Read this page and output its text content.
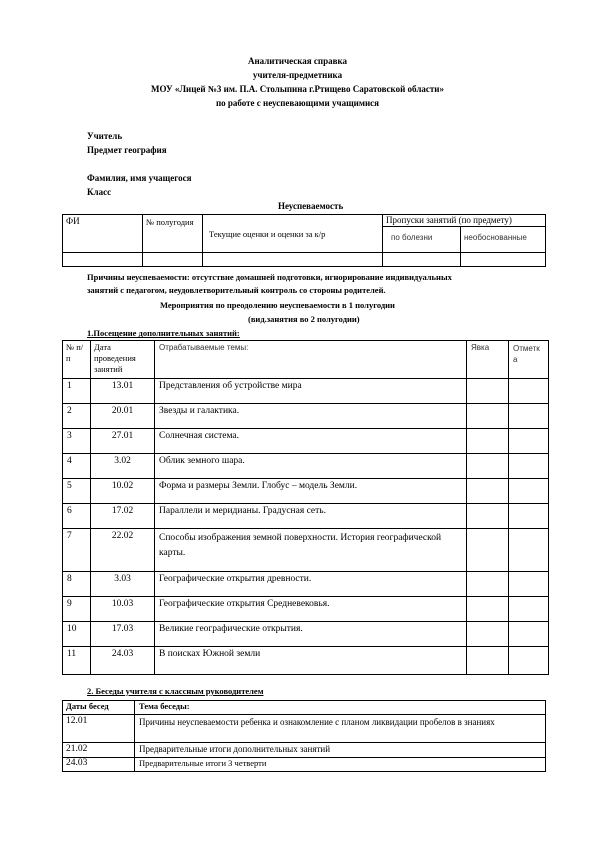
Аналитическая справка
учителя-предметника
МОУ «Лицей №3 им. П.А. Столыпина г.Ртищево Саратовской области»
по работе с неуспевающими учащимися
Учитель
Предмет география
Фамилия, имя учащегося
Класс
Неуспеваемость
ФИ	№ полугодия	Текущие оценки и оценки за к/р	Пропуски занятий (по предмету)	
			по болезни	необоснованные

Причины неуспеваемости: отсутствие домашней подготовки, игнорирование индивидуальных
занятий с педагогом, неудовлетворительный контроль со стороны родителей.
Мероприятия по преодолению неуспеваемости в 1 полугодии
(вид.занятия во 2 полугодии)
1.Посещение дополнительных занятий:
№ п/п	Дата проведения занятий	Отрабатываемые темы:	Явка	Отметка
1	13.01	Представления об устройстве мира		
2	20.01	Звезды и галактика.		
3	27.01	Солнечная система.		
4	3.02	Облик земного шара.		
5	10.02	Форма и размеры Земли. Глобус – модель Земли.		
6	17.02	Параллели и меридианы. Градусная сеть.		
7	22.02	Способы изображения земной поверхности. История географической карты.		
8	3.03	Географические открытия древности.		
9	10.03	Географические открытия Средневековья.		
10	17.03	Великие географические открытия.		
11	24.03	В поисках Южной земли		
2. Беседы учителя с классным руководителем
Даты бесед	Тема беседы:
12.01	Причины неуспеваемости ребенка и ознакомление с планом ликвидации пробелов в знаниях
21.02	Предварительные итоги дополнительных занятий
24.03	Предварительные итоги 3 четверти
